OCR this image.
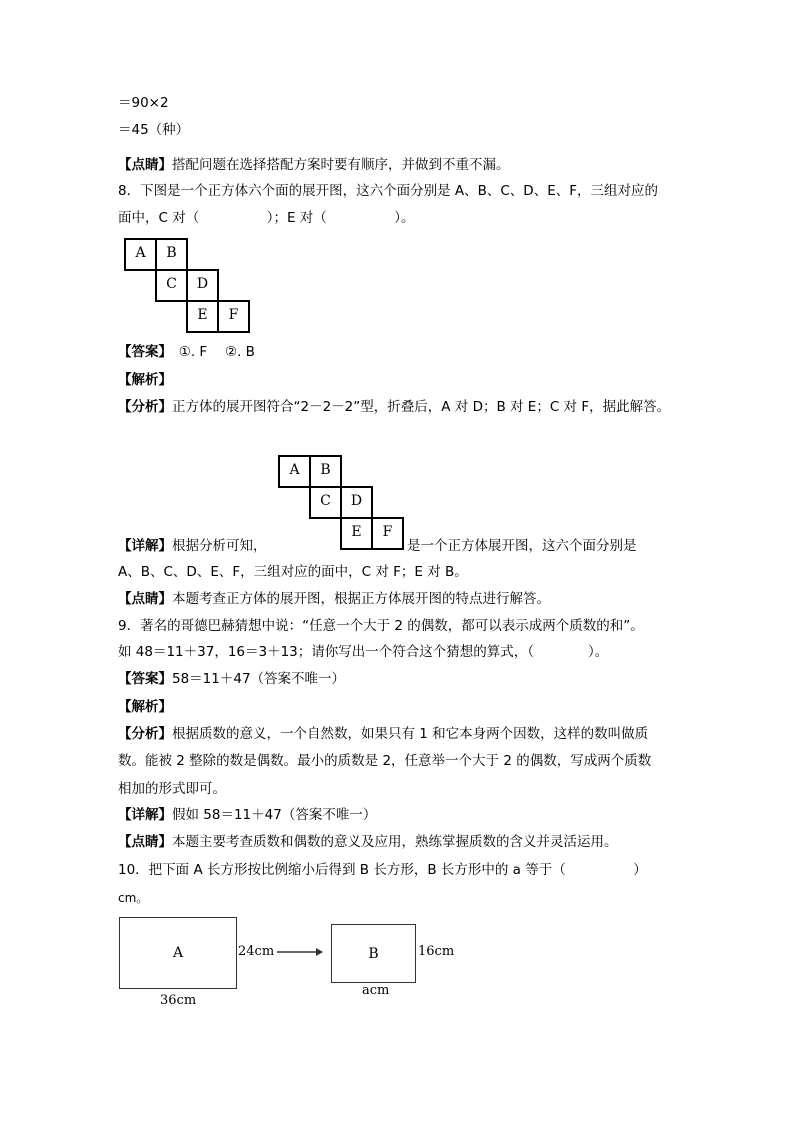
＝90×2
＝45（种）
【点睛】搭配问题在选择搭配方案时要有顺序，并做到不重不漏。
8．下图是一个正方体六个面的展开图，这六个面分别是 A、B、C、D、E、F，三组对应的
面中，C 对（　　　　　）；E 对（　　　　　）。
A	B
C	D
E	F
【答案】　①. F　 ②. B
【解析】
【分析】正方体的展开图符合“2－2－2”型，折叠后，A 对 D；B 对 E；C 对 F，据此解答。
A	B
C	D
E	F
【详解】根据分析可知，	是一个正方体展开图，这六个面分别是
A、B、C、D、E、F，三组对应的面中，C 对 F；E 对 B。
【点睛】本题考查正方体的展开图，根据正方体展开图的特点进行解答。
9．著名的哥德巴赫猜想中说：“任意一个大于 2 的偶数，都可以表示成两个质数的和”。
如 48＝11＋37，16＝3＋13；请你写出一个符合这个猜想的算式，（　　　　）。
【答案】58＝11＋47（答案不唯一）
【解析】
【分析】根据质数的意义，一个自然数，如果只有 1 和它本身两个因数，这样的数叫做质
数。能被 2 整除的数是偶数。最小的质数是 2，任意举一个大于 2 的偶数，写成两个质数
相加的形式即可。
【详解】假如 58＝11＋47（答案不唯一）
【点睛】本题主要考查质数和偶数的意义及应用，熟练掌握质数的含义并灵活运用。
10．把下面 A 长方形按比例缩小后得到 B 长方形，B 长方形中的 a 等于（　　　　　）
cm。
A	24cm	B	16cm
acm
36cm
